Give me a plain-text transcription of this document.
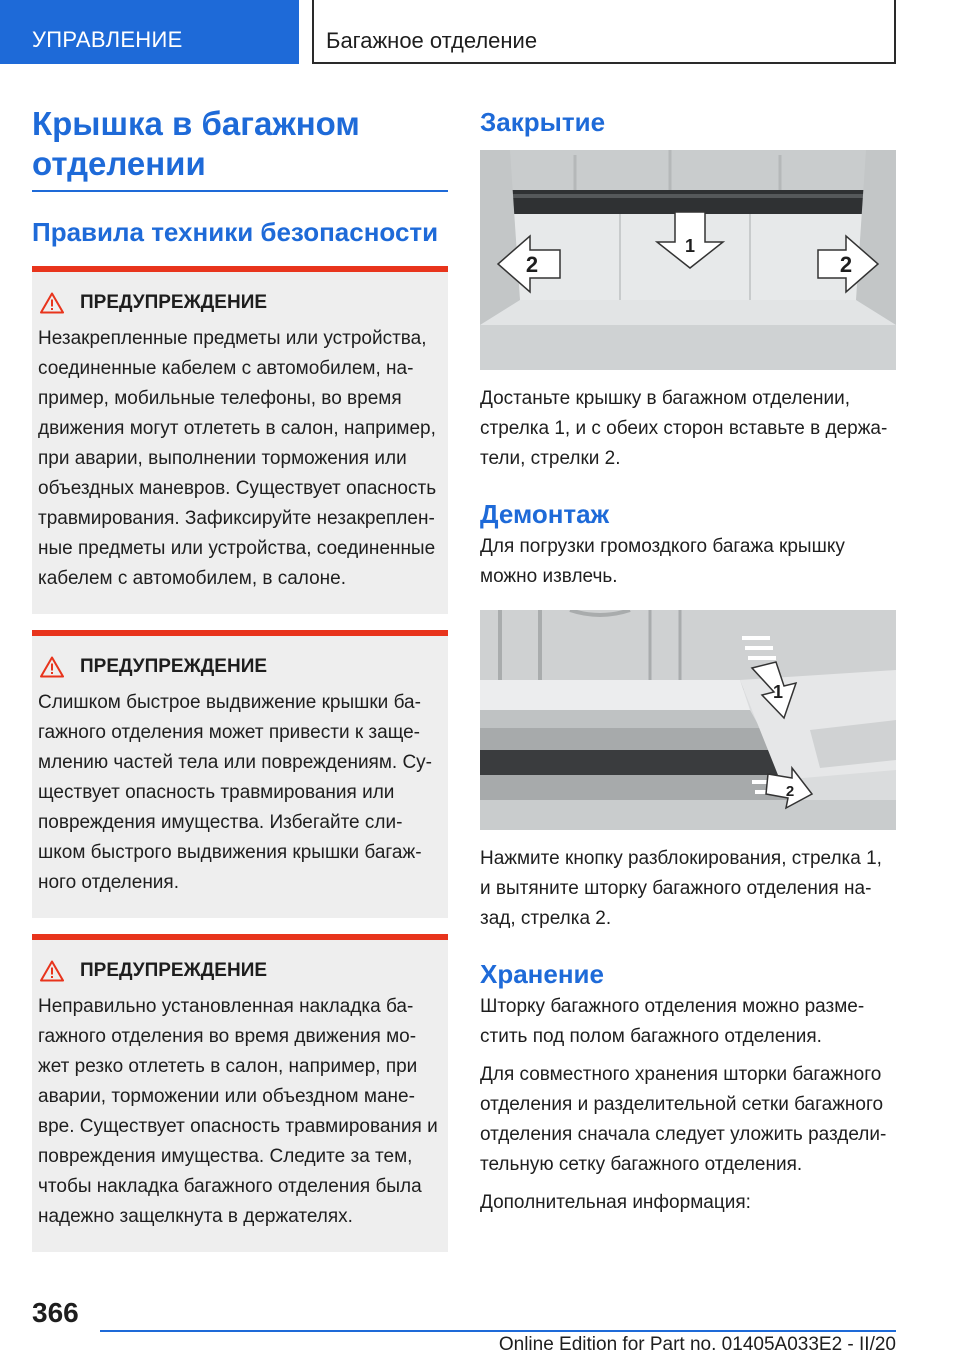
УПРАВЛЕНИЕ	Багажное отделение
Крышка в багажном
отделении
Правила техники безопасности
ПРЕДУПРЕЖДЕНИЕ
Незакрепленные предметы или устройства,
соединенные кабелем с автомобилем, на-
пример, мобильные телефоны, во время
движения могут отлететь в салон, например,
при аварии, выполнении торможения или
объездных маневров. Существует опасность
травмирования. Зафиксируйте незакреплен-
ные предметы или устройства, соединенные
кабелем с автомобилем, в салоне.
ПРЕДУПРЕЖДЕНИЕ
Слишком быстрое выдвижение крышки ба-
гажного отделения может привести к заще-
млению частей тела или повреждениям. Су-
ществует опасность травмирования или
повреждения имущества. Избегайте сли-
шком быстрого выдвижения крышки багаж-
ного отделения.
ПРЕДУПРЕЖДЕНИЕ
Неправильно установленная накладка ба-
гажного отделения во время движения мо-
жет резко отлететь в салон, например, при
аварии, торможении или объездном мане-
вре. Существует опасность травмирования и
повреждения имущества. Следите за тем,
чтобы накладка багажного отделения была
надежно защелкнута в держателях.
Закрытие
1
2	2

Достаньте крышку в багажном отделении,
стрелка 1, и с обеих сторон вставьте в держа-
тели, стрелки 2.

Демонтаж

Для погрузки громоздкого багажа крышку
можно извлечь.

1
2

Нажмите кнопку разблокирования, стрелка 1,
и вытяните шторку багажного отделения на-
зад, стрелка 2.

Хранение

Шторку багажного отделения можно разме-
стить под полом багажного отделения.

Для совместного хранения шторки багажного
отделения и разделительной сетки багажного
отделения сначала следует уложить раздели-
тельную сетку багажного отделения.

Дополнительная информация:

366
Online Edition for Part no. 01405A033E2 - II/20
